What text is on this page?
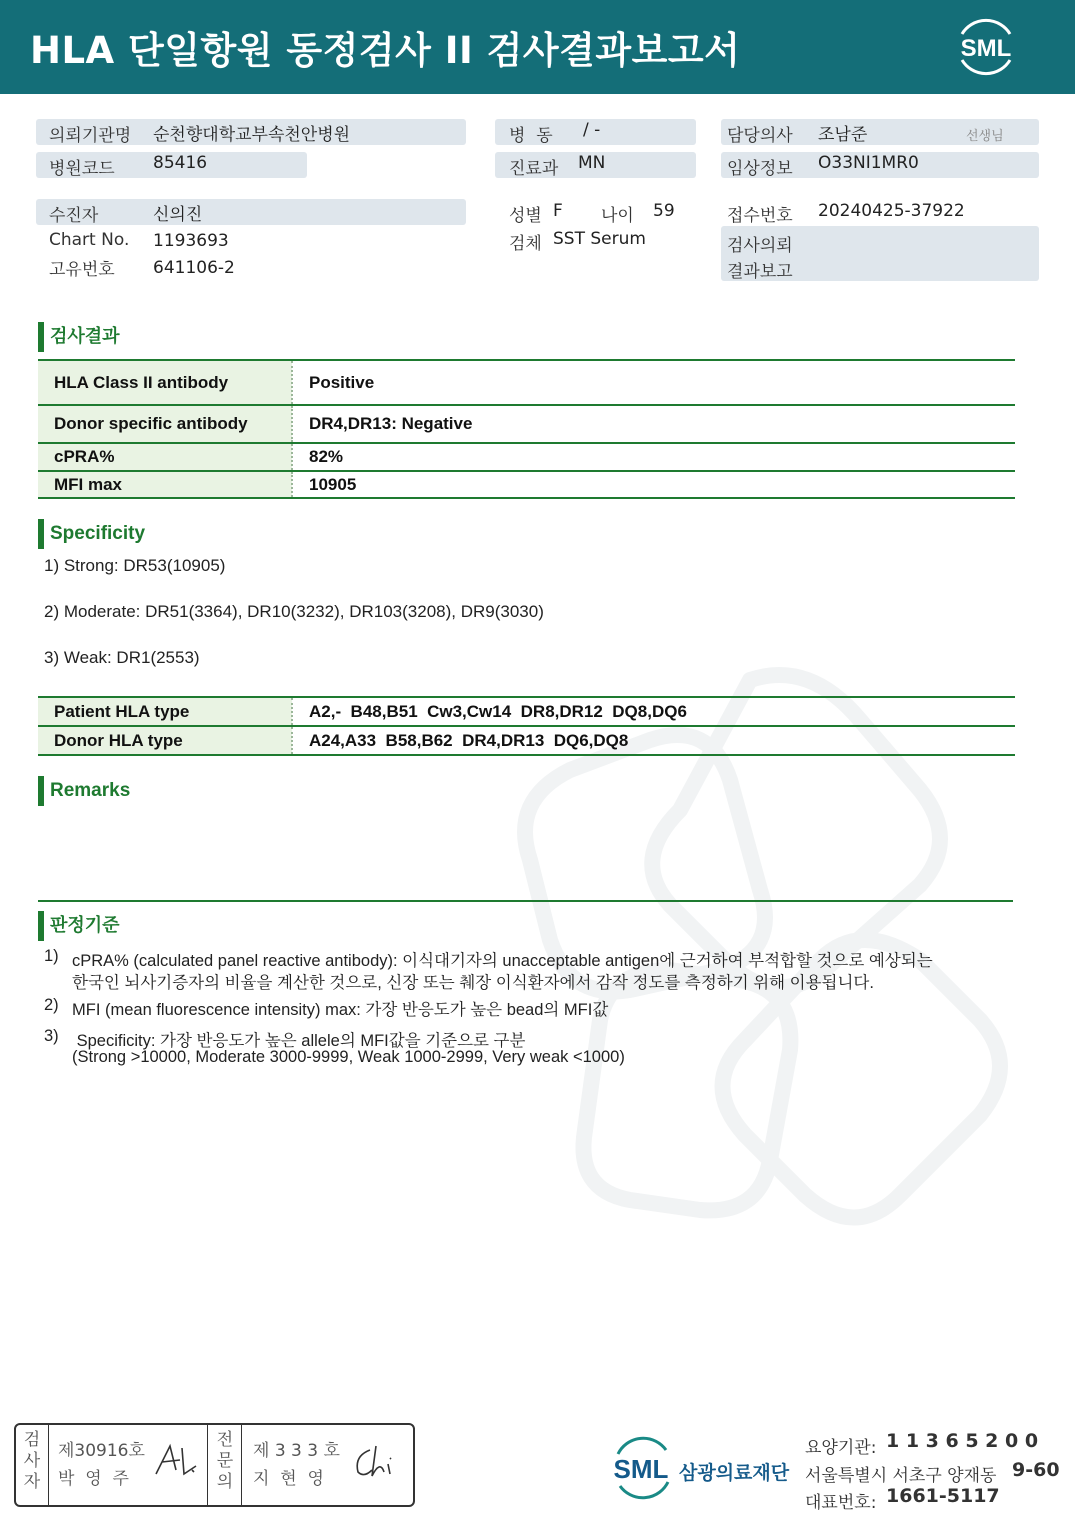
HLA 단일항원 동정검사 II 검사결과보고서	SML
의뢰기관명 순천향대학교부속천안병원
병원코드 85416
병  동 / -
진료과 MN
담당의사 조남준	선생님
임상정보 O33NI1MR0
수진자	신의진
Chart No. 1193693
고유번호 641106-2
성별 F 나이 59
검체 SST Serum
접수번호 20240425-37922
검사의뢰
결과보고
검사결과
HLA Class II antibody	Positive
Donor specific antibody	DR4,DR13: Negative
cPRA%	82%
MFI max	10905
Specificity
1) Strong: DR53(10905)
2) Moderate: DR51(3364), DR10(3232), DR103(3208), DR9(3030)
3) Weak: DR1(2553)
Patient HLA type	A2,-  B48,B51  Cw3,Cw14  DR8,DR12  DQ8,DQ6
Donor HLA type	A24,A33  B58,B62  DR4,DR13  DQ6,DQ8
Remarks
판정기준
1) cPRA% (calculated panel reactive antibody): 이식대기자의 unacceptable antigen에 근거하여 부적합할 것으로 예상되는
한국인 뇌사기증자의 비율을 계산한 것으로, 신장 또는 췌장 이식환자에서 감작 정도를 측정하기 위해 이용됩니다.
2) MFI (mean fluorescence intensity) max: 가장 반응도가 높은 bead의 MFI값
3) Specificity: 가장 반응도가 높은 allele의 MFI값을 기준으로 구분
(Strong >10000, Moderate 3000-9999, Weak 1000-2999, Very weak <1000)
검
사
자
제30916호
박  영  주
전
문
의
제 3 3 3 호
지  현  영	SML 삼광의료재단
요양기관: 1 1 3 6 5 2 0 0
서울특별시 서초구 양재동 9-60
대표번호: 1661-5117
